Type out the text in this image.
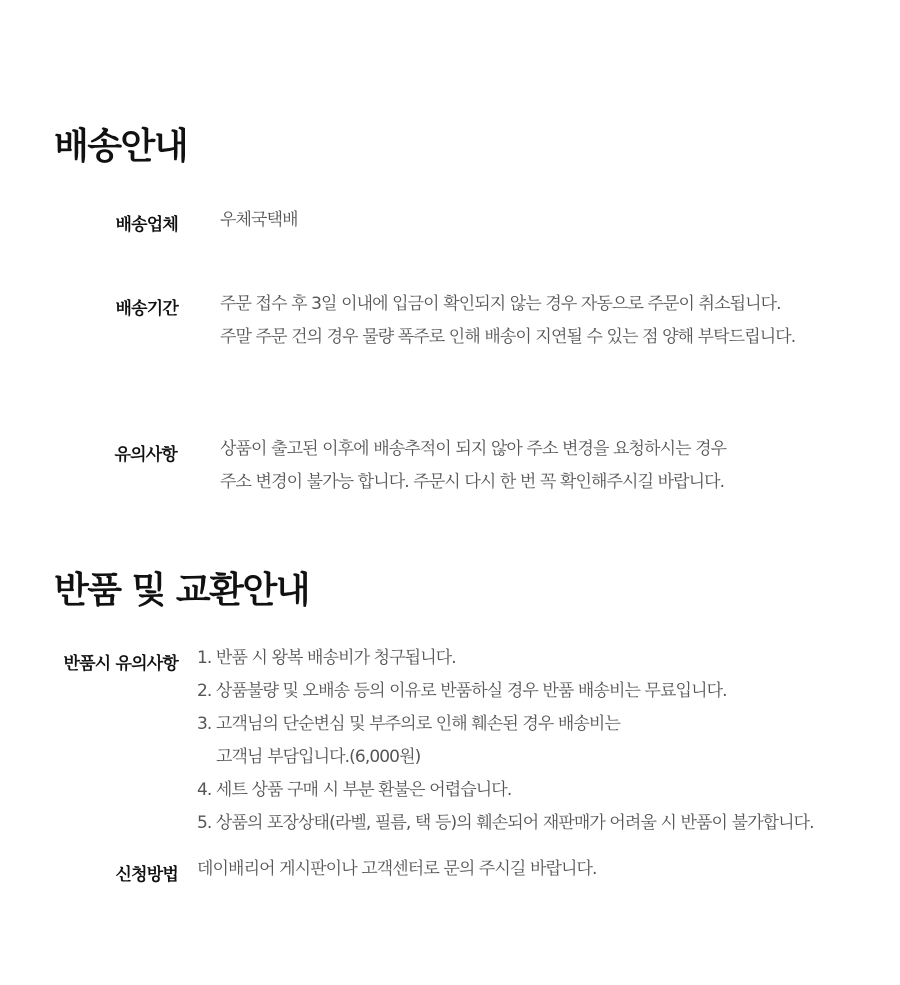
배송안내
배송업체 우체국택배
배송기간 주문 접수 후 3일 이내에 입금이 확인되지 않는 경우 자동으로 주문이 취소됩니다.
주말 주문 건의 경우 물량 폭주로 인해 배송이 지연될 수 있는 점 양해 부탁드립니다.
유의사항	상품이 출고된 이후에 배송추적이 되지 않아 주소 변경을 요청하시는 경우
주소 변경이 불가능 합니다. 주문시 다시 한 번 꼭 확인해주시길 바랍니다.
반품 및 교환안내
반품시 유의사항 1. 반품 시 왕복 배송비가 청구됩니다.
2. 상품불량 및 오배송 등의 이유로 반품하실 경우 반품 배송비는 무료입니다.
3. 고객님의 단순변심 및 부주의로 인해 훼손된 경우 배송비는
고객님 부담입니다.(6,000원)
4. 세트 상품 구매 시 부분 환불은 어렵습니다.
5. 상품의 포장상태(라벨, 필름, 택 등)의 훼손되어 재판매가 어려울 시 반품이 불가합니다.
신청방법 데이배리어 게시판이나 고객센터로 문의 주시길 바랍니다.
